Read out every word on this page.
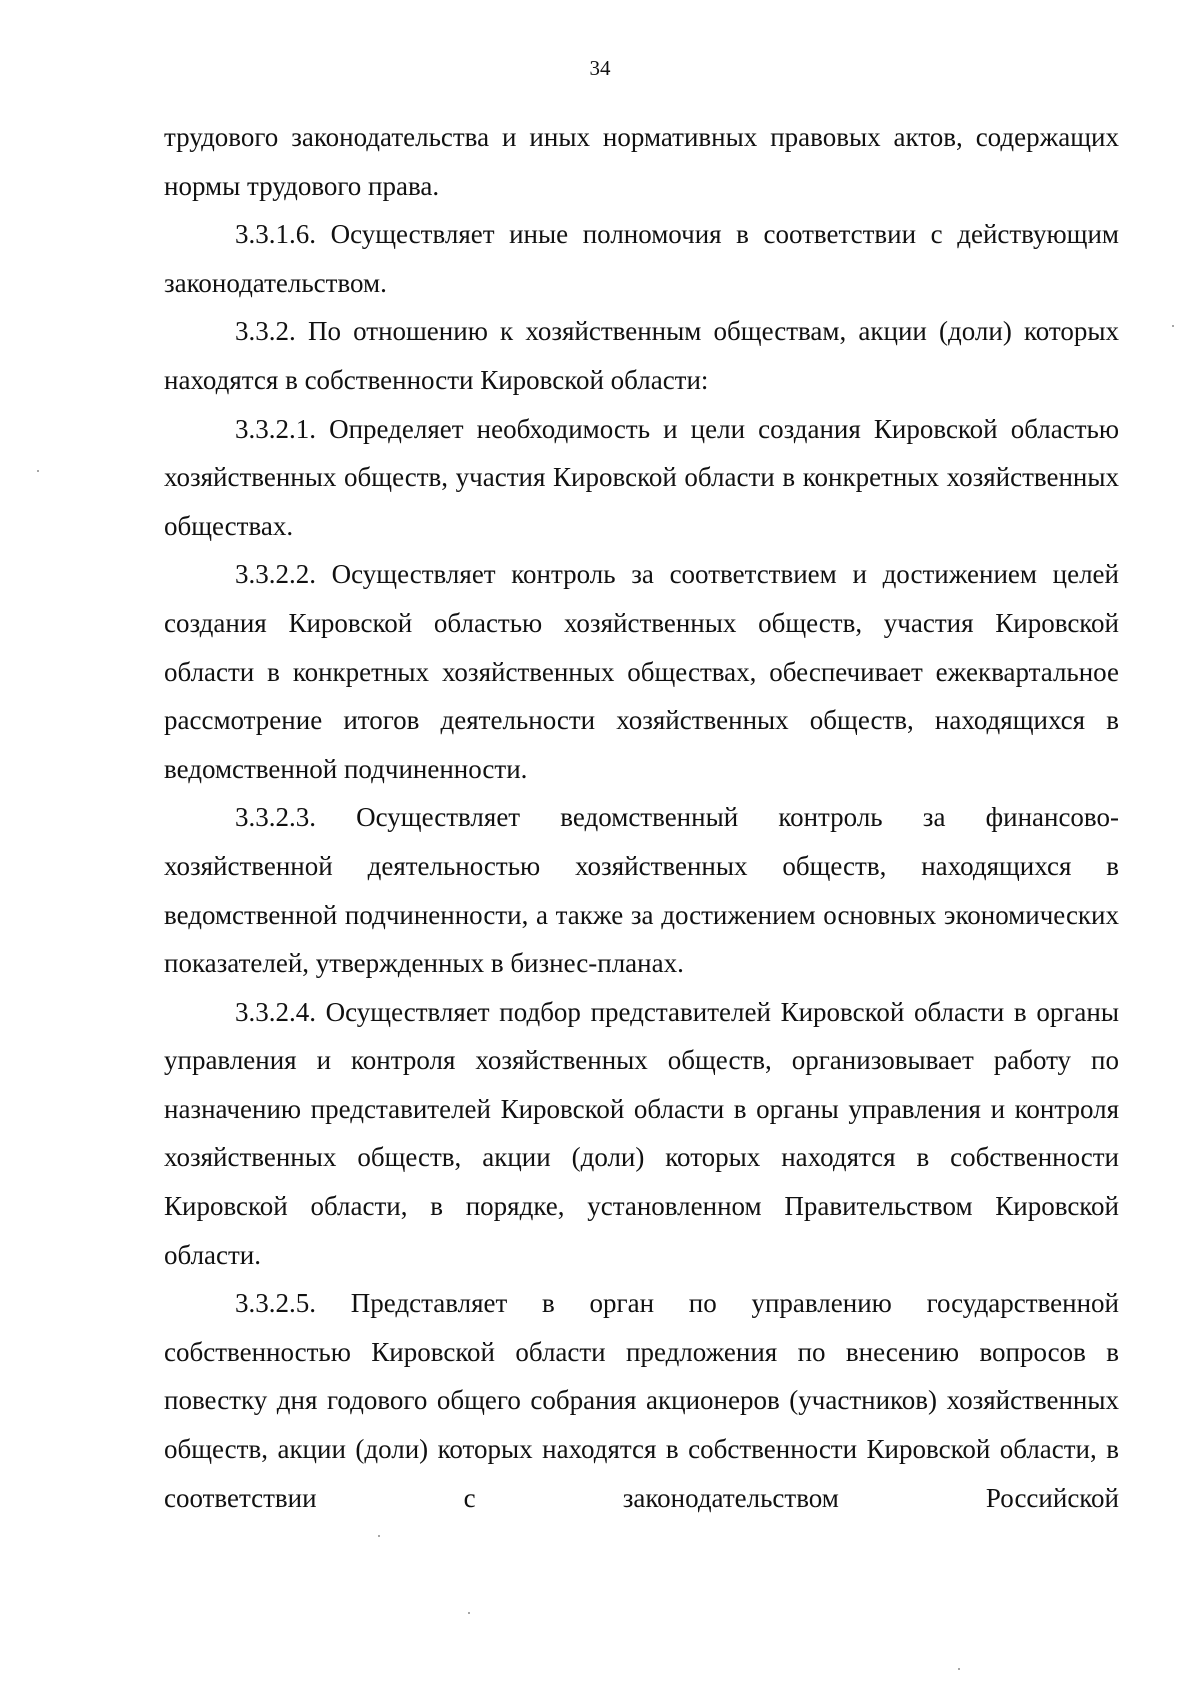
34

трудового законодательства и иных нормативных правовых актов, содержащих нормы трудового права.

3.3.1.6. Осуществляет иные полномочия в соответствии с действующим законодательством.

3.3.2. По отношению к хозяйственным обществам, акции (доли) которых находятся в собственности Кировской области:

3.3.2.1. Определяет необходимость и цели создания Кировской областью хозяйственных обществ, участия Кировской области в конкретных хозяйственных обществах.

3.3.2.2. Осуществляет контроль за соответствием и достижением целей создания Кировской областью хозяйственных обществ, участия Кировской области в конкретных хозяйственных обществах, обеспечивает ежеквартальное рассмотрение итогов деятельности хозяйственных обществ, находящихся в ведомственной подчиненности.

3.3.2.3. Осуществляет ведомственный контроль за финансово-хозяйственной деятельностью хозяйственных обществ, находящихся в ведомственной подчиненности, а также за достижением основных экономических показателей, утвержденных в бизнес-планах.

3.3.2.4. Осуществляет подбор представителей Кировской области в органы управления и контроля хозяйственных обществ, организовывает работу по назначению представителей Кировской области в органы управления и контроля хозяйственных обществ, акции (доли) которых находятся в собственности Кировской области, в порядке, установленном Правительством Кировской области.

3.3.2.5. Представляет в орган по управлению государственной собственностью Кировской области предложения по внесению вопросов в повестку дня годового общего собрания акционеров (участников) хозяйственных обществ, акции (доли) которых находятся в собственности Кировской области, в соответствии с законодательством Российской
